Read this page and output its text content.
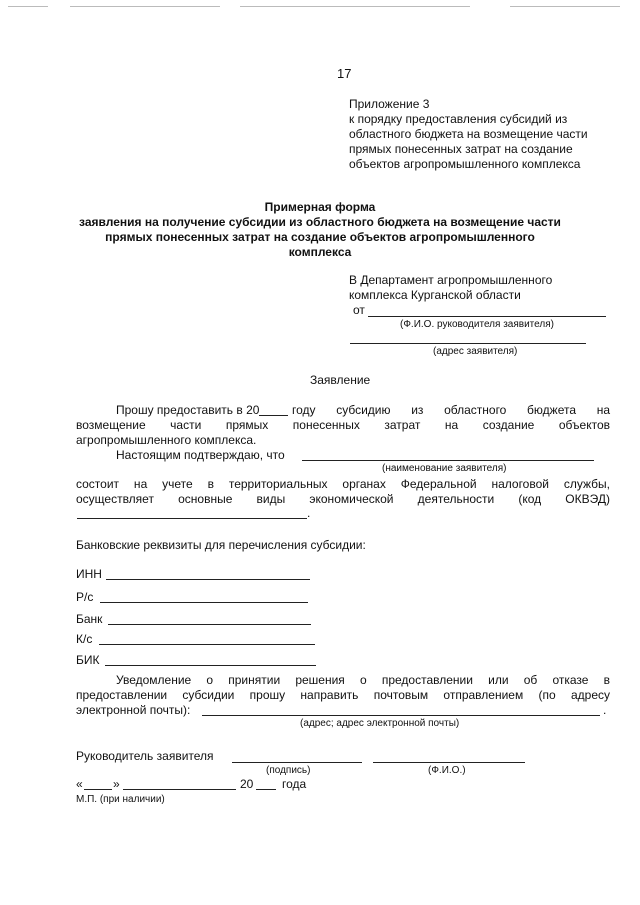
17
Приложение 3
к порядку предоставления субсидий из
областного бюджета на возмещение части
прямых понесенных затрат на создание
объектов агропромышленного комплекса
Примерная форма
заявления на получение субсидии из областного бюджета на возмещение части
прямых понесенных затрат на создание объектов агропромышленного
комплекса
В Департамент агропромышленного
комплекса Курганской области
от
(Ф.И.О. руководителя заявителя)
(адрес заявителя)
Заявление
Прошу предоставить в 20	году субсидию из областного бюджета на
возмещение части прямых понесенных затрат на создание объектов
агропромышленного комплекса.
Настоящим подтверждаю, что
(наименование заявителя)
состоит на учете в территориальных органах Федеральной налоговой службы,
осуществляет основные виды экономической деятельности (код ОКВЭД)
.
Банковские реквизиты для перечисления субсидии:
ИНН
Р/с
Банк
К/с
БИК
Уведомление о принятии решения о предоставлении или об отказе в
предоставлении субсидии прошу направить почтовым отправлением (по адресу
электронной почты):	.
(адрес; адрес электронной почты)
Руководитель заявителя
(подпись)	(Ф.И.О.)
«	»	20 года
М.П. (при наличии)
